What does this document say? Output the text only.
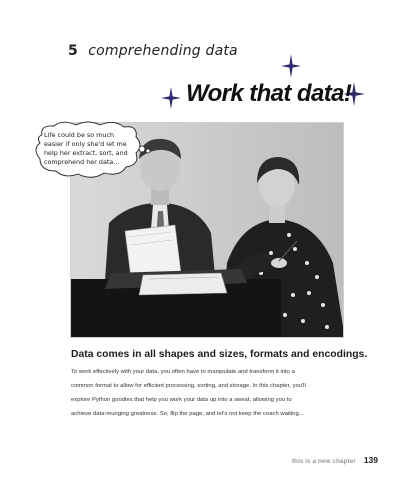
5 comprehending data
Work that data!
Life could be so much
easier if only she'd let me
help her extract, sort, and
comprehend her data...

Data comes in all shapes and sizes, formats and encodings.

To work effectively with your data, you often have to manipulate and transform it into a
common format to allow for efficient processing, sorting, and storage. In this chapter, you'll
explore Python goodies that help you work your data up into a sweat, allowing you to
achieve data-munging greatness. So, flip the page, and let's not keep the coach waiting...
this is a new chapter 139
